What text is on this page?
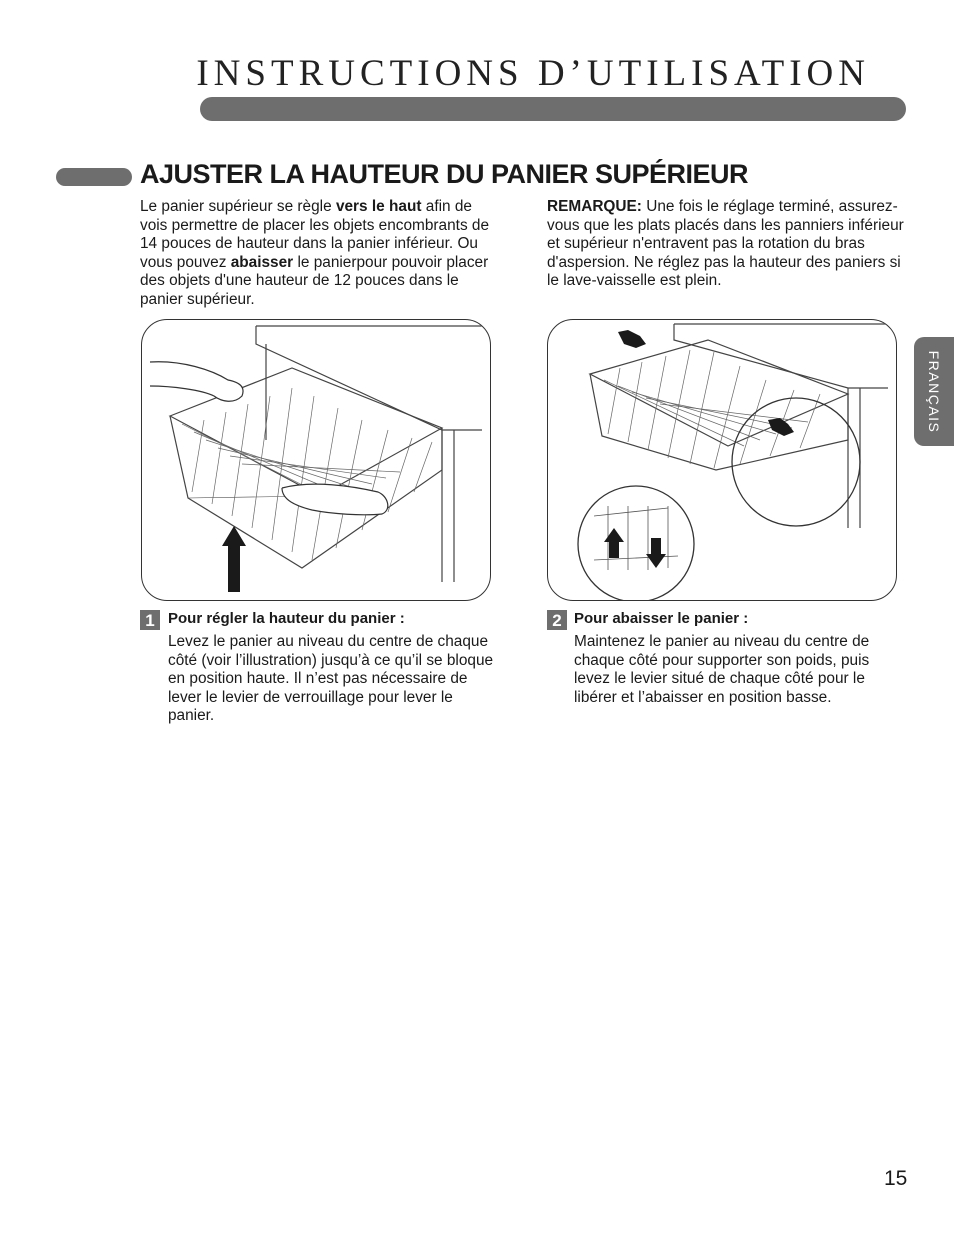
INSTRUCTIONS D’UTILISATION
AJUSTER LA HAUTEUR DU PANIER SUPÉRIEUR

Le panier supérieur se règle vers le haut afin de vois permettre de placer les objets encombrants de 14 pouces de hauteur dans la panier inférieur. Ou vous pouvez abaisser le panierpour pouvoir placer des objets d'une hauteur de 12 pouces dans le panier supérieur.

REMARQUE: Une fois le réglage terminé, assurez-vous que les plats placés dans les panniers inférieur et supérieur n'entravent pas la rotation du bras d'aspersion. Ne réglez pas la hauteur des paniers si le lave-vaisselle est plein.

1 Pour régler la hauteur du panier :

Levez le panier au niveau du centre de chaque côté (voir l’illustration) jusqu’à ce qu’il se bloque en position haute. Il n’est pas nécessaire de lever le levier de verrouillage pour lever le panier.

2 Pour abaisser le panier :

Maintenez le panier au niveau du centre de chaque côté pour supporter son poids, puis levez le levier situé de chaque côté pour le libérer et l’abaisser en position basse.

FRANÇAIS
15
